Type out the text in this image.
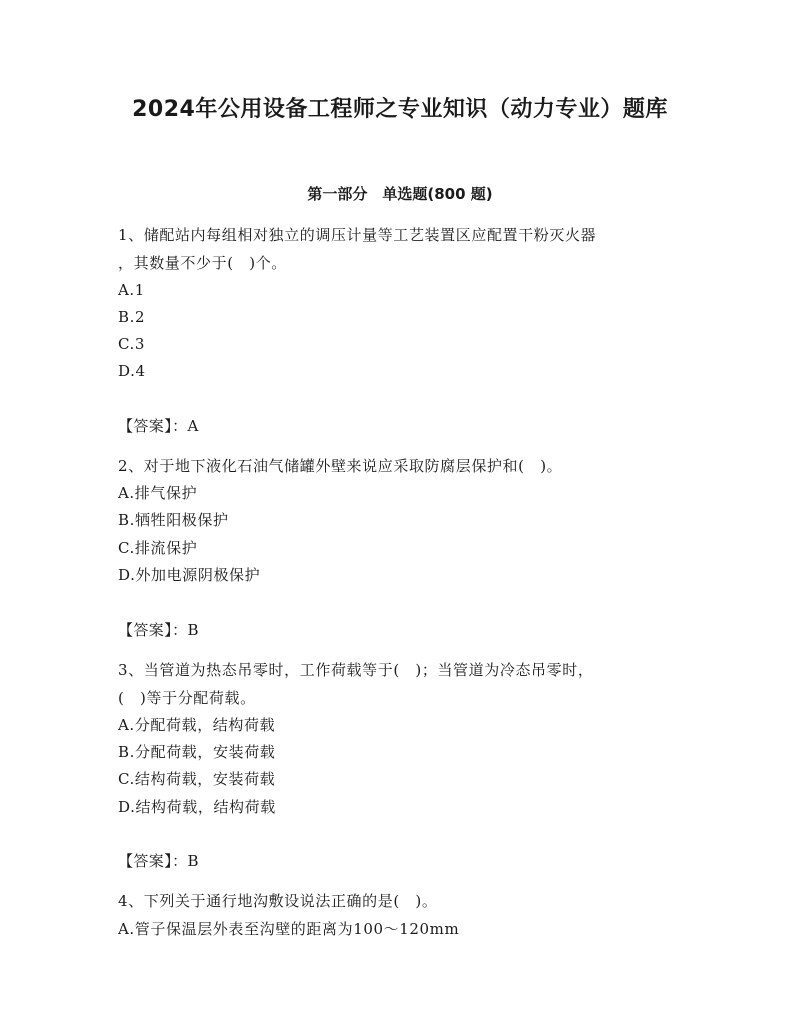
2024年公用设备工程师之专业知识（动力专业）题库
第一部分　单选题(800 题)
1、储配站内每组相对独立的调压计量等工艺装置区应配置干粉灭火器
，其数量不少于(　)个。
A.1
B.2
C.3
D.4
【答案】：A
2、对于地下液化石油气储罐外壁来说应采取防腐层保护和(　)。
A.排气保护
B.牺牲阳极保护
C.排流保护
D.外加电源阴极保护
【答案】：B
3、当管道为热态吊零时，工作荷载等于(　)；当管道为冷态吊零时，
(　)等于分配荷载。
A.分配荷载，结构荷载
B.分配荷载，安装荷载
C.结构荷载，安装荷载
D.结构荷载，结构荷载
【答案】：B
4、下列关于通行地沟敷设说法正确的是(　)。
A.管子保温层外表至沟壁的距离为100～120mm
